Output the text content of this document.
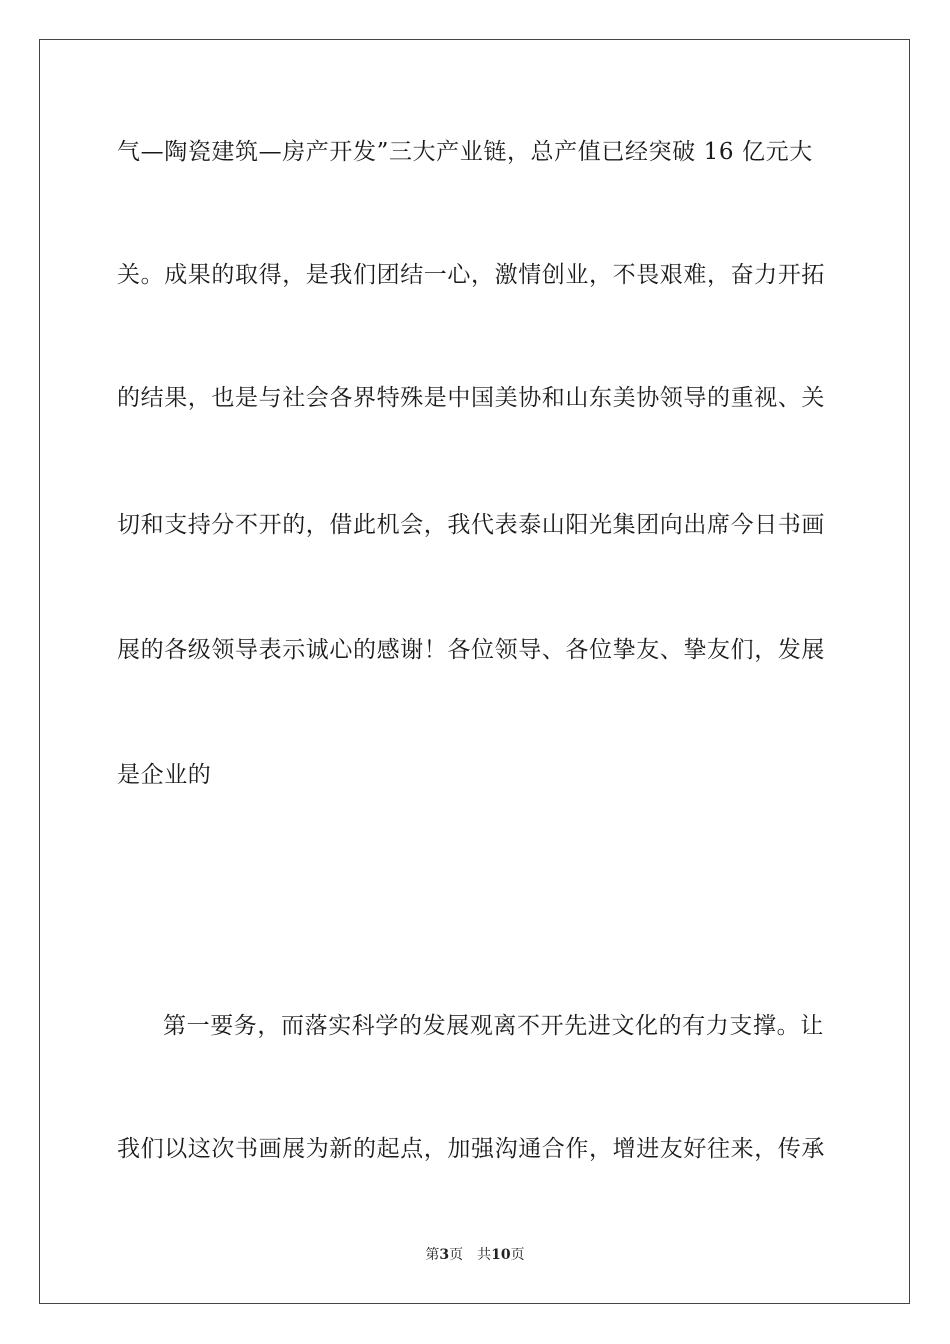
气—陶瓷建筑—房产开发”三大产业链，总产值已经突破 16 亿元大
关。成果的取得，是我们团结一心，激情创业，不畏艰难，奋力开拓
的结果，也是与社会各界特殊是中国美协和山东美协领导的重视、关
切和支持分不开的，借此机会，我代表泰山阳光集团向出席今日书画
展的各级领导表示诚心的感谢！各位领导、各位挚友、挚友们，发展
是企业的
第一要务，而落实科学的发展观离不开先进文化的有力支撑。让
我们以这次书画展为新的起点，加强沟通合作，增进友好往来，传承
第3页 共10页
